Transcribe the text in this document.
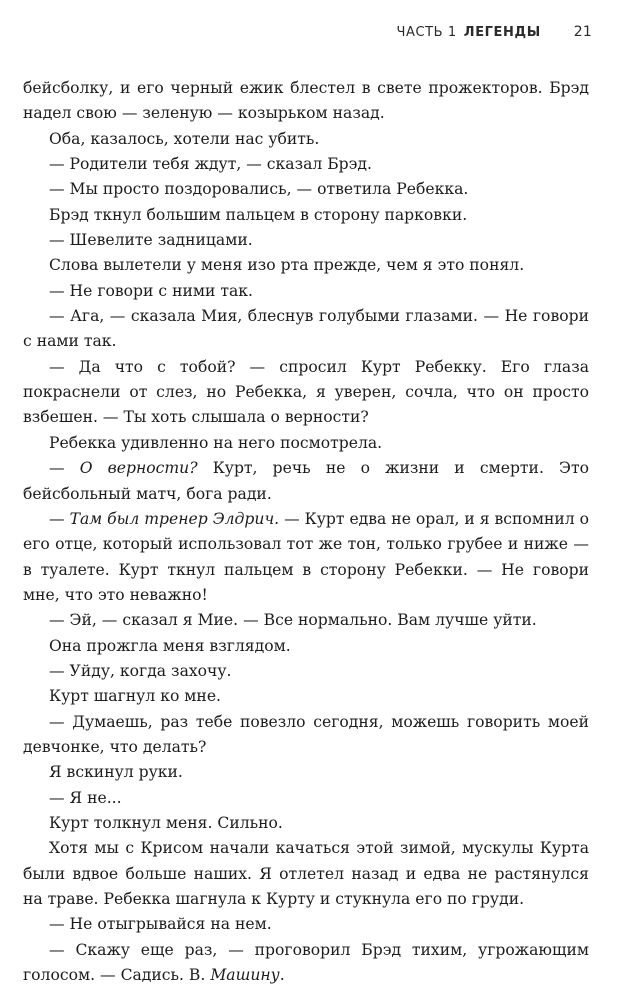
ЧАСТЬ 1 ЛЕГЕНДЫ 21

бейсболку, и его черный ежик блестел в свете прожекторов. Брэд надел свою — зеленую — козырьком назад.

Оба, казалось, хотели нас убить.

— Родители тебя ждут, — сказал Брэд.

— Мы просто поздоровались, — ответила Ребекка.

Брэд ткнул большим пальцем в сторону парковки.

— Шевелите задницами.

Слова вылетели у меня изо рта прежде, чем я это понял.

— Не говори с ними так.

— Ага, — сказала Мия, блеснув голубыми глазами. — Не говори с нами так.

— Да что с тобой? — спросил Курт Ребекку. Его глаза покраснели от слез, но Ребекка, я уверен, сочла, что он просто взбешен. — Ты хоть слышала о верности?

Ребекка удивленно на него посмотрела.

— О верности? Курт, речь не о жизни и смерти. Это бейсбольный матч, бога ради.

— Там был тренер Элдрич. — Курт едва не орал, и я вспомнил о его отце, который использовал тот же тон, только грубее и ниже — в туалете. Курт ткнул пальцем в сторону Ребекки. — Не говори мне, что это неважно!

— Эй, — сказал я Мие. — Все нормально. Вам лучше уйти.

Она прожгла меня взглядом.

— Уйду, когда захочу.

Курт шагнул ко мне.

— Думаешь, раз тебе повезло сегодня, можешь говорить моей девчонке, что делать?

Я вскинул руки.

— Я не...

Курт толкнул меня. Сильно.

Хотя мы с Крисом начали качаться этой зимой, мускулы Курта были вдвое больше наших. Я отлетел назад и едва не растянулся на траве. Ребекка шагнула к Курту и стукнула его по груди.

— Не отыгрывайся на нем.

— Скажу еще раз, — проговорил Брэд тихим, угрожающим голосом. — Садись. В. Машину.
